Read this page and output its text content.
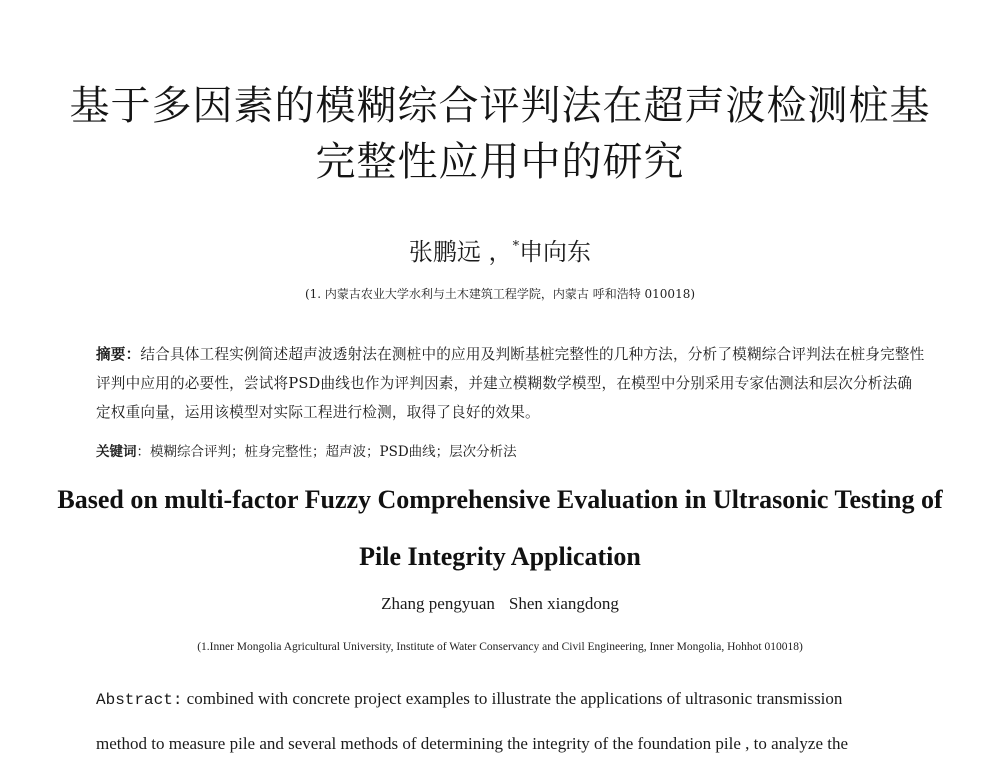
基于多因素的模糊综合评判法在超声波检测桩基
完整性应用中的研究
张鹏远 ，*申向东
(1. 内蒙古农业大学水利与土木建筑工程学院，内蒙古 呼和浩特 010018)
摘要：结合具体工程实例简述超声波透射法在测桩中的应用及判断基桩完整性的几种方法，分析了模糊综合评判法在桩身完整性评判中应用的必要性，尝试将PSD曲线也作为评判因素，并建立模糊数学模型，在模型中分别采用专家估测法和层次分析法确定权重向量，运用该模型对实际工程进行检测，取得了良好的效果。
关键词：模糊综合评判；桩身完整性；超声波；PSD曲线；层次分析法
Based on multi-factor Fuzzy Comprehensive Evaluation in Ultrasonic Testing of
Pile Integrity Application
Zhang pengyuan Shen xiangdong
(1.Inner Mongolia Agricultural University, Institute of Water Conservancy and Civil Engineering, Inner Mongolia, Hohhot 010018)
Abstract: combined with concrete project examples to illustrate the applications of ultrasonic transmission
method to measure pile and several methods of determining the integrity of the foundation pile , to analyze the
